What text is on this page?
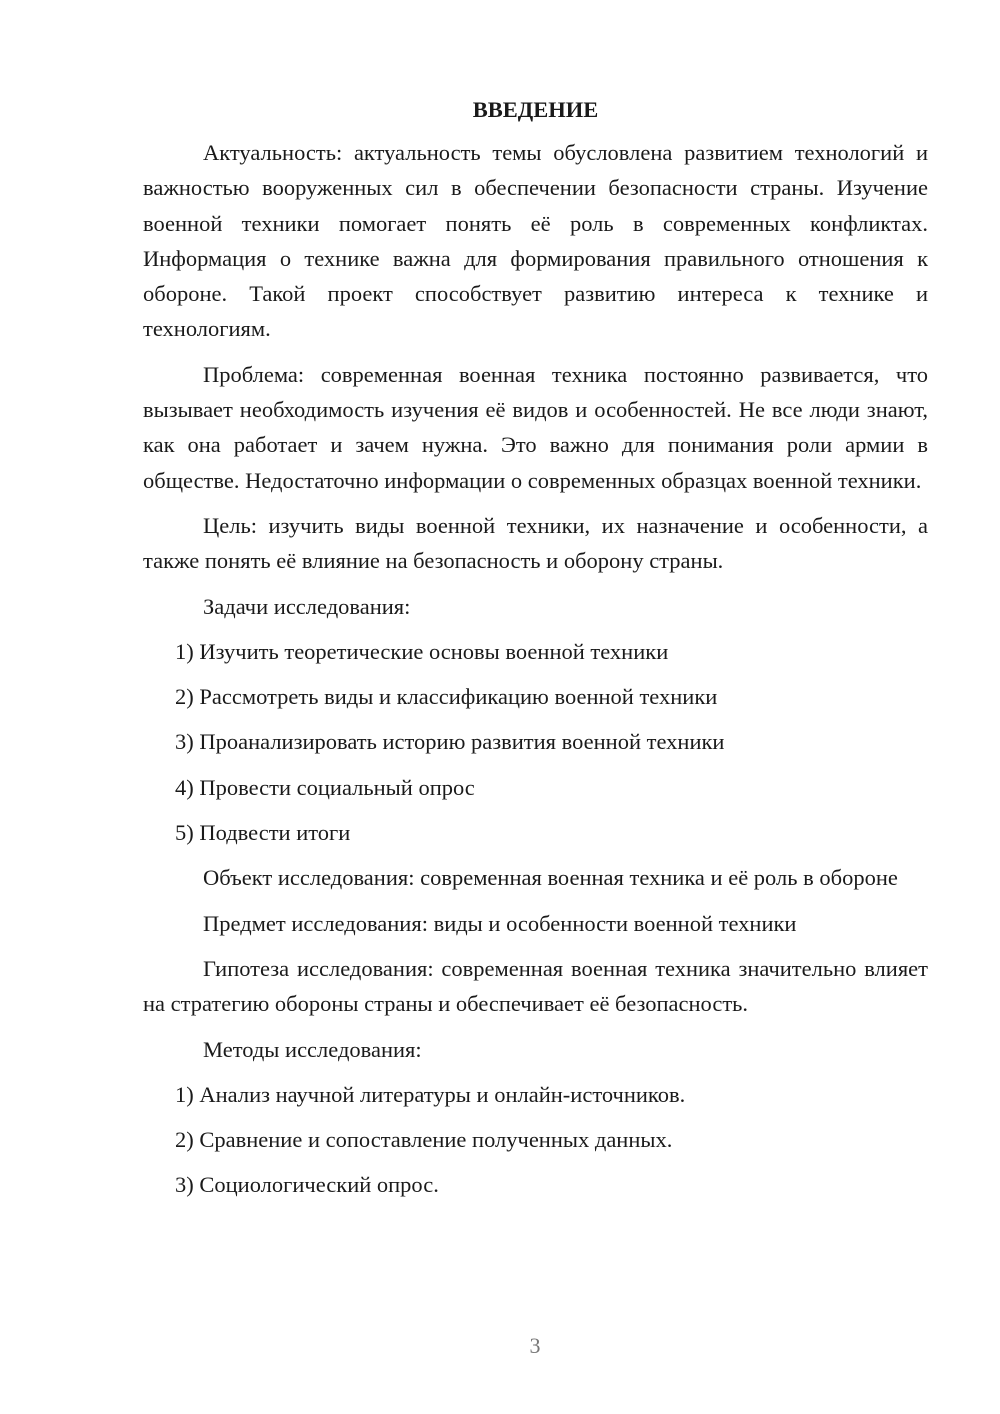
ВВЕДЕНИЕ

Актуальность: актуальность темы обусловлена развитием технологий и важностью вооруженных сил в обеспечении безопасности страны. Изучение военной техники помогает понять её роль в современных конфликтах. Информация о технике важна для формирования правильного отношения к обороне. Такой проект способствует развитию интереса к технике и технологиям.

Проблема: современная военная техника постоянно развивается, что вызывает необходимость изучения её видов и особенностей. Не все люди знают, как она работает и зачем нужна. Это важно для понимания роли армии в обществе. Недостаточно информации о современных образцах военной техники.

Цель: изучить виды военной техники, их назначение и особенности, а также понять её влияние на безопасность и оборону страны.

Задачи исследования:
1) Изучить теоретические основы военной техники
2) Рассмотреть виды и классификацию военной техники
3) Проанализировать историю развития военной техники
4) Провести социальный опрос
5) Подвести итоги

Объект исследования: современная военная техника и её роль в обороне

Предмет исследования: виды и особенности военной техники

Гипотеза исследования: современная военная техника значительно влияет на стратегию обороны страны и обеспечивает её безопасность.

Методы исследования:
1) Анализ научной литературы и онлайн-источников.
2) Сравнение и сопоставление полученных данных.
3) Социологический опрос.
3
